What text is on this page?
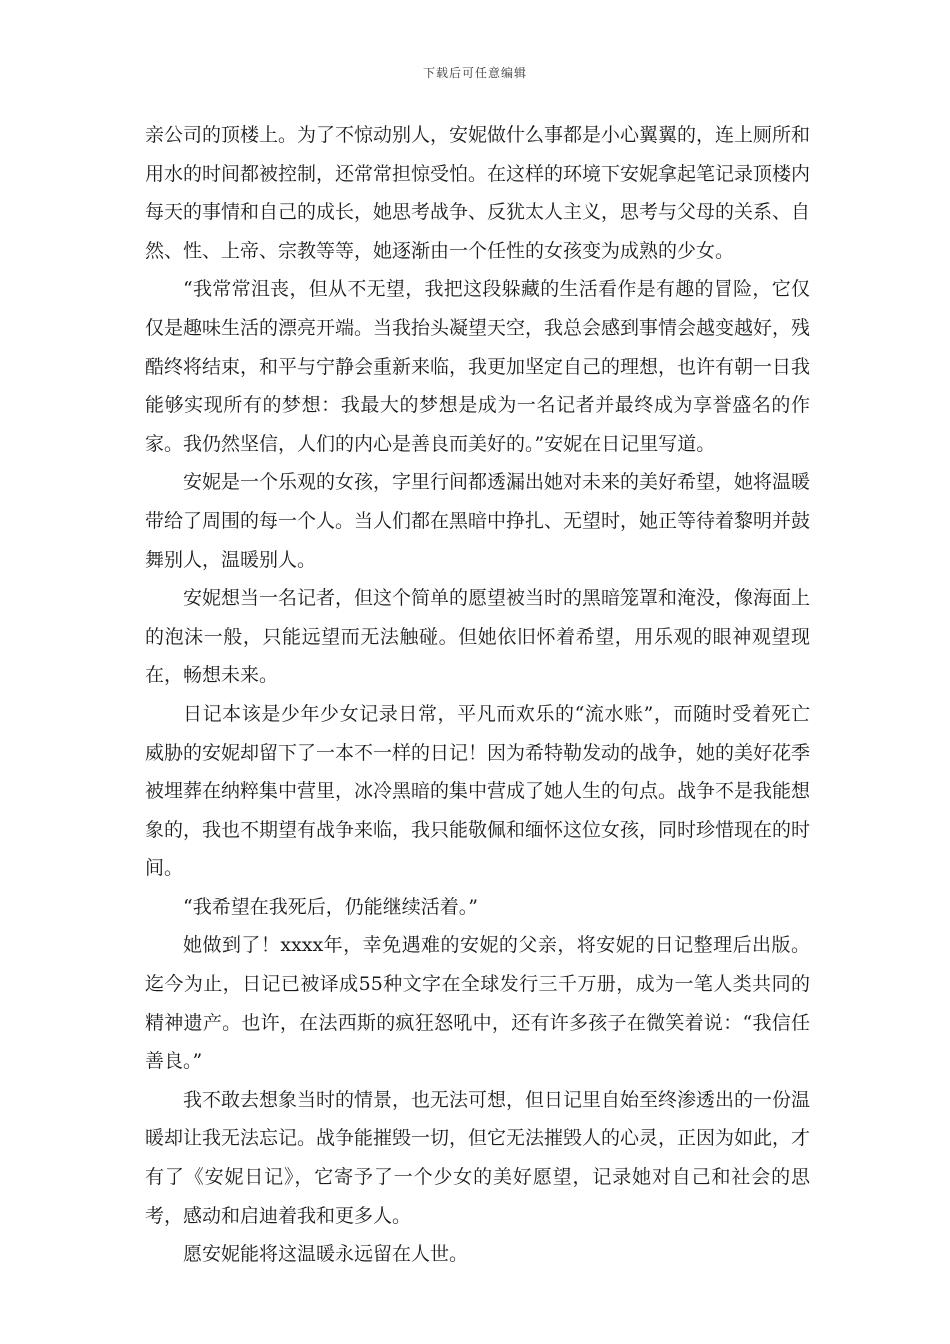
下载后可任意编辑

亲公司的顶楼上。为了不惊动别人，安妮做什么事都是小心翼翼的，连上厕所和用水的时间都被控制，还常常担惊受怕。在这样的环境下安妮拿起笔记录顶楼内每天的事情和自己的成长，她思考战争、反犹太人主义，思考与父母的关系、自然、性、上帝、宗教等等，她逐渐由一个任性的女孩变为成熟的少女。

“我常常沮丧，但从不无望，我把这段躲藏的生活看作是有趣的冒险，它仅仅是趣味生活的漂亮开端。当我抬头凝望天空，我总会感到事情会越变越好，残酷终将结束，和平与宁静会重新来临，我更加坚定自己的理想，也许有朝一日我能够实现所有的梦想：我最大的梦想是成为一名记者并最终成为享誉盛名的作家。我仍然坚信，人们的内心是善良而美好的。”安妮在日记里写道。

安妮是一个乐观的女孩，字里行间都透漏出她对未来的美好希望，她将温暖带给了周围的每一个人。当人们都在黑暗中挣扎、无望时，她正等待着黎明并鼓舞别人，温暖别人。

安妮想当一名记者，但这个简单的愿望被当时的黑暗笼罩和淹没，像海面上的泡沫一般，只能远望而无法触碰。但她依旧怀着希望，用乐观的眼神观望现在，畅想未来。

日记本该是少年少女记录日常，平凡而欢乐的“流水账”，而随时受着死亡威胁的安妮却留下了一本不一样的日记！因为希特勒发动的战争，她的美好花季被埋葬在纳粹集中营里，冰冷黑暗的集中营成了她人生的句点。战争不是我能想象的，我也不期望有战争来临，我只能敬佩和缅怀这位女孩，同时珍惜现在的时间。

“我希望在我死后，仍能继续活着。”

她做到了！xxxx年，幸免遇难的安妮的父亲，将安妮的日记整理后出版。迄今为止，日记已被译成55种文字在全球发行三千万册，成为一笔人类共同的精神遗产。也许，在法西斯的疯狂怒吼中，还有许多孩子在微笑着说：“我信任善良。”

我不敢去想象当时的情景，也无法可想，但日记里自始至终渗透出的一份温暖却让我无法忘记。战争能摧毁一切，但它无法摧毁人的心灵，正因为如此，才有了《安妮日记》，它寄予了一个少女的美好愿望，记录她对自己和社会的思考，感动和启迪着我和更多人。

愿安妮能将这温暖永远留在人世。
